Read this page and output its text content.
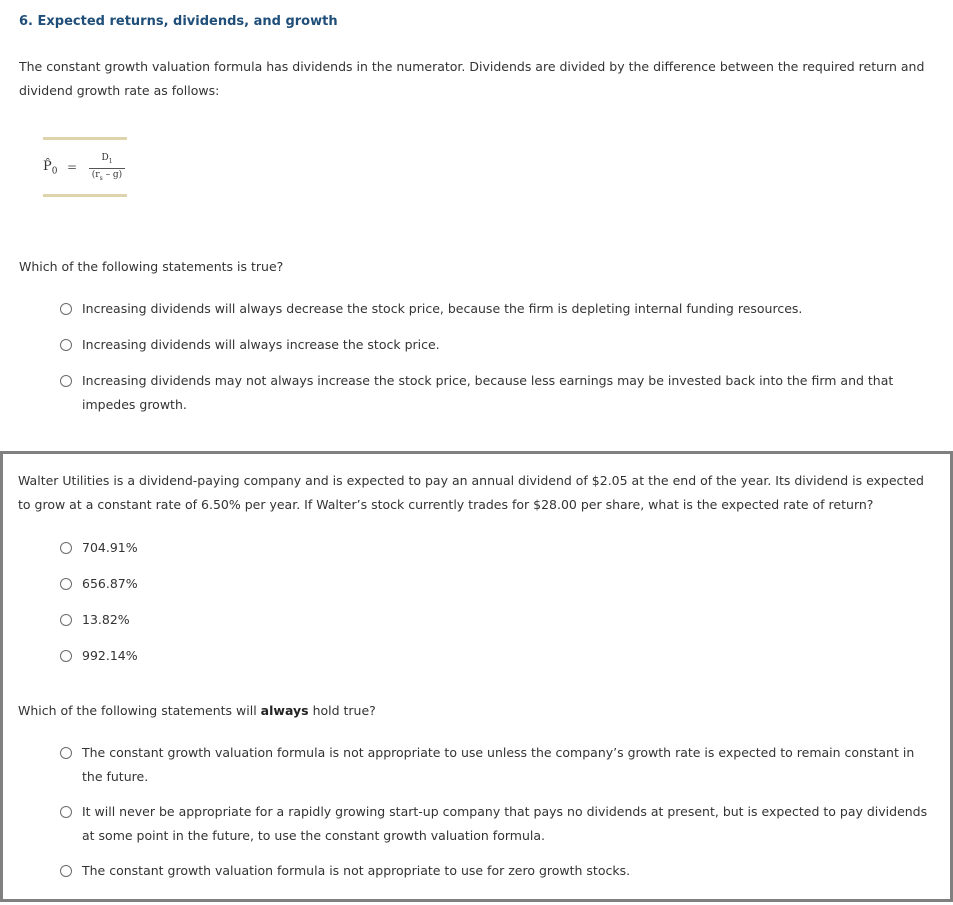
6. Expected returns, dividends, and growth

The constant growth valuation formula has dividends in the numerator. Dividends are divided by the difference between the required return and dividend growth rate as follows:

$P̂_0$ =
$D_1$
$(r_s - g)$

Which of the following statements is true?

Increasing dividends will always decrease the stock price, because the firm is depleting internal funding resources.
Increasing dividends will always increase the stock price.
Increasing dividends may not always increase the stock price, because less earnings may be invested back into the firm and that impedes growth.

Walter Utilities is a dividend-paying company and is expected to pay an annual dividend of $2.05 at the end of the year. Its dividend is expected to grow at a constant rate of 6.50% per year. If Walter’s stock currently trades for $28.00 per share, what is the expected rate of return?

704.91%
656.87%
13.82%
992.14%

Which of the following statements will always hold true?

The constant growth valuation formula is not appropriate to use unless the company’s growth rate is expected to remain constant in the future.
It will never be appropriate for a rapidly growing start-up company that pays no dividends at present, but is expected to pay dividends at some point in the future, to use the constant growth valuation formula.
The constant growth valuation formula is not appropriate to use for zero growth stocks.
